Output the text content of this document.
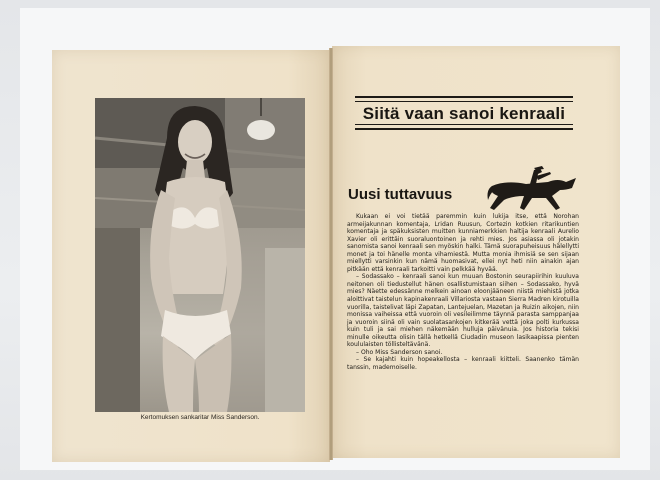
Kertomuksen sankaritar Miss Sanderson.
Siitä vaan sanoi kenraali
Uusi tuttavuus

Kukaan ei voi tietää paremmin kuin lukija itse, että Norohan armeijakunnan komentaja, Lridan Ruusun, Cortezin kotkien ritarikuntien komentaja ja späkuksisten muitten kunniamerkkien haltija kenraali Aurelio Xavier oli erittäin suoraluontoinen ja rehti mies. Jos asiassa oli jotakin sanomista sanoi kenraali sen myöskin halki. Tämä suorapuheisuus hälellytti monet ja toi hänelle monta vihamiestä. Mutta monia ihmisiä se sen sijaan miellytti varsinkin kun nämä huomasivat, ellei nyt heti niin ainakin ajan pitkään että kenraali tarkoitti vain pelkkää hyvää.

– Sodassako – kenraali sanoi kun muuan Bostonin seurapiirihin kuuluva neitonen oli tiedustellut hänen osallistumistaan siihen – Sodassako, hyvä mies? Näette edessänne melkein ainoan eloonjääneen niistä miehistä jotka aloittivat taistelun kapinakenraali Villariosta vastaan Sierra Madren kirotuilla vuorilla, taistelivat läpi Zapatan, Lantejuelan, Mazetan ja Ruizin aikojen, niin monissa vaiheissa että vuoroin oli vesileilimme täynnä parasta samppanjaa ja vuoroin siinä oli vain suolatasankojen kitkerää vettä joka polti kurkussa kuin tuli ja sai miehen näkemään hulluja päivänuia. Jos historia tekisi minulle oikeutta olisin tällä hetkellä Ciudadin museon lasikaapissa pienten koululaisten töllisteltävänä.

– Oho Miss Sanderson sanoi.

– Se kajahti kuin hopeakellosta – kenraali kiitteli. Saanenko tämän tanssin, mademoiselle.
